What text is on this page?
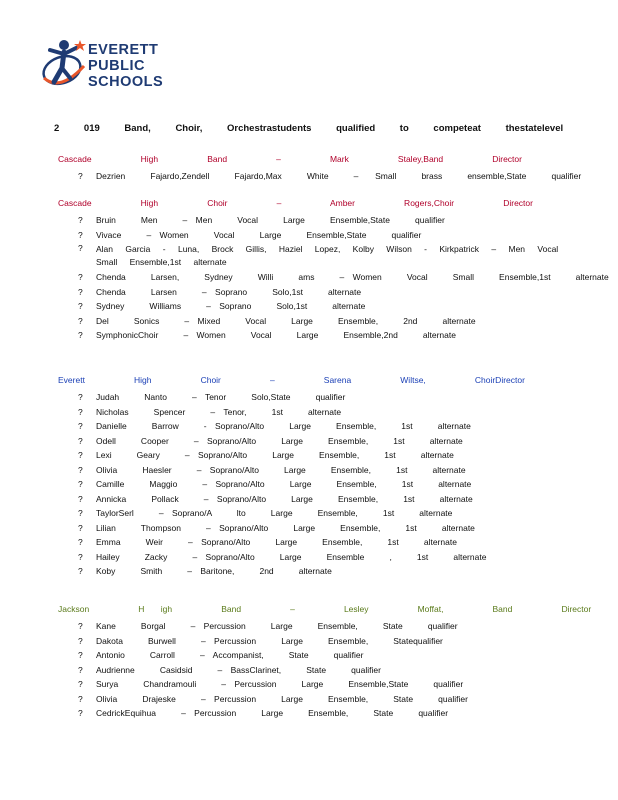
EVERETT
PUBLIC
SCHOOLS
2 019 Band, Choir, Orchestrastudents qualified to competeat thestatelevel
Cascade   High   Band   –   Mark   Staley,Band   Director
? Dezrien   Fajardo,Zendell   Fajardo,Max   White   –  Small   brass   ensemble,State   qualifier
Cascade   High   Choir   –   Amber   Rogers,Choir   Director
? Bruin   Men   – Men   Vocal   Large   Ensemble,State   qualifier
? Vivace   – Women   Vocal   Large   Ensemble,State   qualifier
? Alan Garcia - Luna, Brock Gillis, Haziel Lopez, Kolby Wilson - Kirkpatrick – Men Vocal Small Ensemble,1st alternate
? Chenda   Larsen,   Sydney   Willi   ams   – Women   Vocal   Small   Ensemble,1st   alternate
? Chenda   Larsen   – Soprano   Solo,1st   alternate
? Sydney   Williams   – Soprano   Solo,1st   alternate
? Del   Sonics   – Mixed   Vocal   Large   Ensemble,   2nd   alternate
? SymphonicChoir   – Women   Vocal   Large   Ensemble,2nd   alternate
Everett   High   Choir   –   Sarena   Wiltse,   ChoirDirector
? Judah   Nanto   – Tenor   Solo,State   qualifier
? Nicholas   Spencer   – Tenor,   1st   alternate
? Danielle   Barrow   - Soprano/Alto   Large   Ensemble,   1st   alternate
? Odell   Cooper   – Soprano/Alto   Large   Ensemble,   1st   alternate
? Lexi   Geary   – Soprano/Alto   Large   Ensemble,   1st   alternate
? Olivia   Haesler   – Soprano/Alto   Large   Ensemble,   1st   alternate
? Camille   Maggio   – Soprano/Alto   Large   Ensemble,   1st   alternate
? Annicka   Pollack   – Soprano/Alto   Large   Ensemble,   1st   alternate
? TaylorSerl   – Soprano/A   lto   Large   Ensemble,   1st   alternate
? Lilian   Thompson   – Soprano/Alto   Large   Ensemble,   1st   alternate
? Emma   Weir   – Soprano/Alto   Large   Ensemble,   1st   alternate
? Hailey   Zacky   – Soprano/Alto   Large   Ensemble   ,   1st   alternate
? Koby   Smith   – Baritone,   2nd   alternate
Jackson   H igh   Band   –   Lesley   Moffat,   Band   Director
? Kane   Borgal   – Percussion   Large   Ensemble,   State   qualifier
? Dakota   Burwell   – Percussion   Large   Ensemble,   Statequalifier
? Antonio   Carroll   – Accompanist,   State   qualifier
? Audrienne   Casidsid   – BassClarinet,   State   qualifier
? Surya   Chandramouli   – Percussion   Large   Ensemble,State   qualifier
? Olivia   Drajeske   – Percussion   Large   Ensemble,   State   qualifier
? CedrickEquihua   – Percussion   Large   Ensemble,   State   qualifier
